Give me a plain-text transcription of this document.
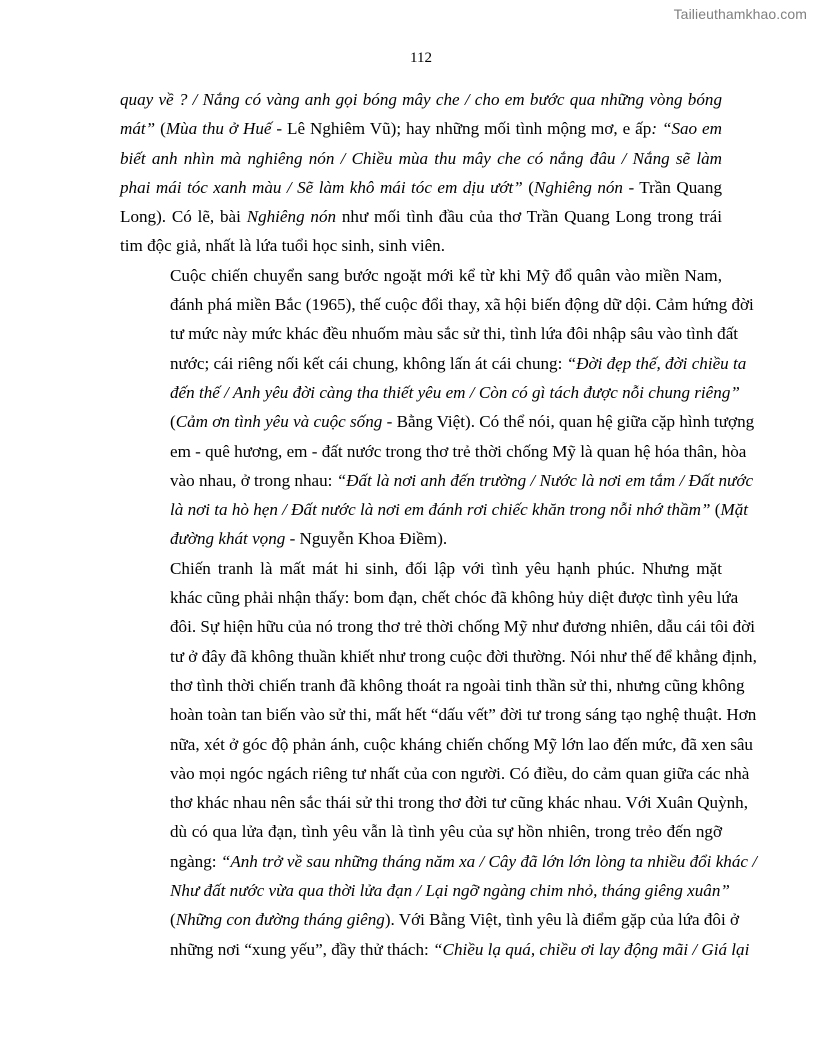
Tailieuthamkhao.com
112

quay về ? / Nắng có vàng anh gọi bóng mây che / cho em bước qua những vòng bóng
mát” (Mùa thu ở Huế - Lê Nghiêm Vũ); hay những mối tình mộng mơ, e ấp: “Sao em
biết anh nhìn mà nghiêng nón / Chiều mùa thu mây che có nắng đâu / Nắng sẽ làm
phai mái tóc xanh màu / Sẽ làm khô mái tóc em dịu ướt” (Nghiêng nón - Trần Quang
Long). Có lẽ, bài Nghiêng nón như mối tình đầu của thơ Trần Quang Long trong trái
tim độc giả, nhất là lứa tuổi học sinh, sinh viên.

Cuộc chiến chuyển sang bước ngoặt mới kể từ khi Mỹ đổ quân vào miền Nam,
đánh phá miền Bắc (1965), thế cuộc đổi thay, xã hội biến động dữ dội. Cảm hứng đời
tư mức này mức khác đều nhuốm màu sắc sử thi, tình lứa đôi nhập sâu vào tình đất
nước; cái riêng nối kết cái chung, không lấn át cái chung: “Đời đẹp thế, đời chiều ta
đến thế / Anh yêu đời càng tha thiết yêu em / Còn có gì tách được nỗi chung riêng”
(Cảm ơn tình yêu và cuộc sống - Bằng Việt). Có thể nói, quan hệ giữa cặp hình tượng
em - quê hương, em - đất nước trong thơ trẻ thời chống Mỹ là quan hệ hóa thân, hòa
vào nhau, ở trong nhau: “Đất là nơi anh đến trường / Nước là nơi em tắm / Đất nước
là nơi ta hò hẹn / Đất nước là nơi em đánh rơi chiếc khăn trong nỗi nhớ thầm” (Mặt
đường khát vọng - Nguyễn Khoa Điềm).

Chiến tranh là mất mát hi sinh, đối lập với tình yêu hạnh phúc. Nhưng mặt
khác cũng phải nhận thấy: bom đạn, chết chóc đã không hủy diệt được tình yêu lứa
đôi. Sự hiện hữu của nó trong thơ trẻ thời chống Mỹ như đương nhiên, dẫu cái tôi đời
tư ở đây đã không thuần khiết như trong cuộc đời thường. Nói như thế để khẳng định,
thơ tình thời chiến tranh đã không thoát ra ngoài tinh thần sử thi, nhưng cũng không
hoàn toàn tan biến vào sử thi, mất hết “dấu vết” đời tư trong sáng tạo nghệ thuật. Hơn
nữa, xét ở góc độ phản ánh, cuộc kháng chiến chống Mỹ lớn lao đến mức, đã xen sâu
vào mọi ngóc ngách riêng tư nhất của con người. Có điều, do cảm quan giữa các nhà
thơ khác nhau nên sắc thái sử thi trong thơ đời tư cũng khác nhau. Với Xuân Quỳnh,
dù có qua lửa đạn, tình yêu vẫn là tình yêu của sự hồn nhiên, trong trẻo đến ngỡ
ngàng: “Anh trở về sau những tháng năm xa / Cây đã lớn lớn lòng ta nhiều đổi khác /
Như đất nước vừa qua thời lửa đạn / Lại ngỡ ngàng chim nhỏ, tháng giêng xuân”
(Những con đường tháng giêng). Với Bằng Việt, tình yêu là điểm gặp của lứa đôi ở
những nơi “xung yếu”, đầy thử thách: “Chiều lạ quá, chiều ơi lay động mãi / Giá lại
